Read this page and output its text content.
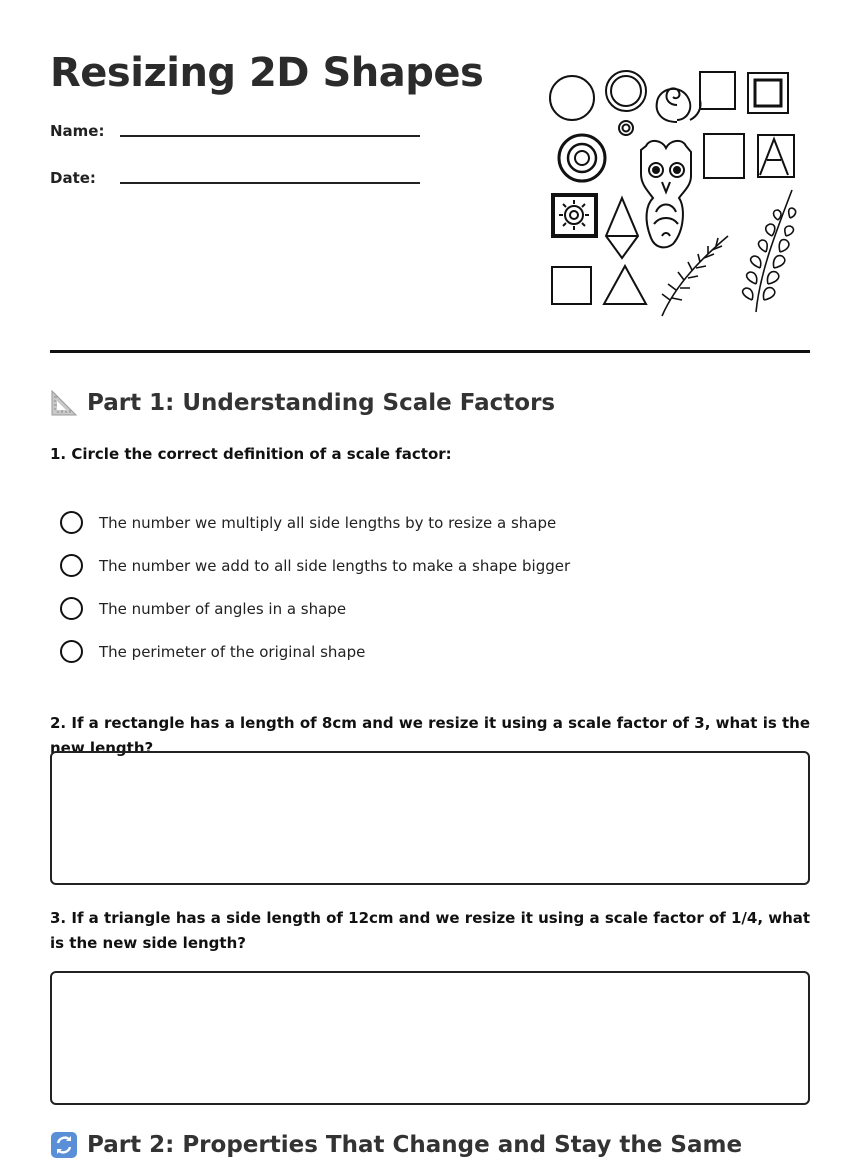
Resizing 2D Shapes
Name:
Date:
Part 1: Understanding Scale Factors

1. Circle the correct definition of a scale factor:

The number we multiply all side lengths by to resize a shape
The number we add to all side lengths to make a shape bigger
The number of angles in a shape
The perimeter of the original shape

2. If a rectangle has a length of 8cm and we resize it using a scale factor of 3, what is the new length?

3. If a triangle has a side length of 12cm and we resize it using a scale factor of 1/4, what is the new side length?

Part 2: Properties That Change and Stay the Same
